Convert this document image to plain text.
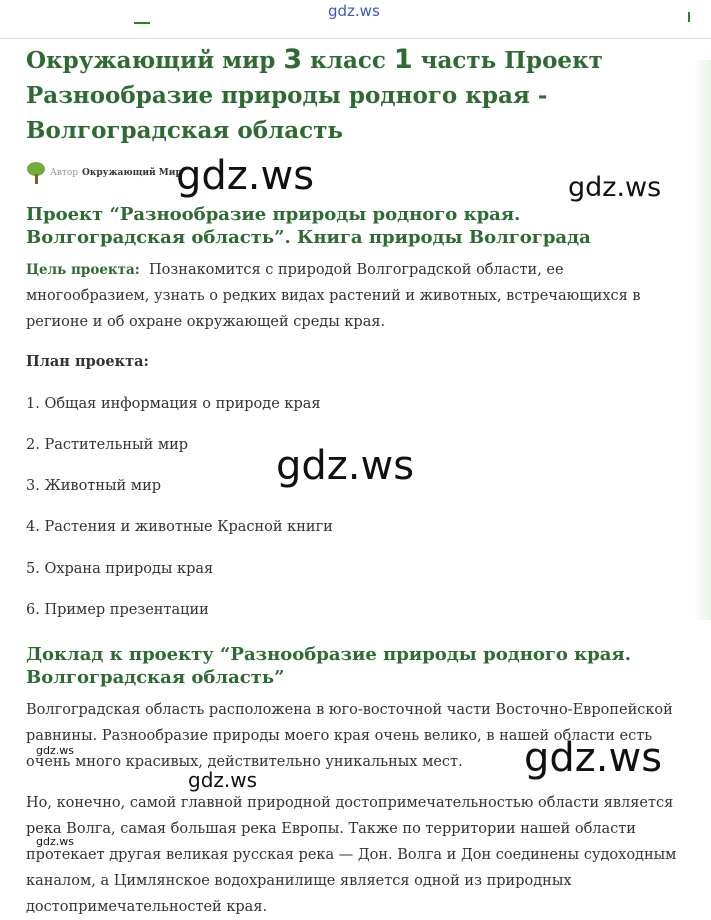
gdz.ws
Окружающий мир 3 класс 1 часть Проект Разнообразие природы родного края - Волгоградская область
Автор Окружающий Мир
Проект “Разнообразие природы родного края. Волгоградская область”. Книга природы Волгограда

Цель проекта: Познакомится с природой Волгоградской области, ее многообразием, узнать о редких видах растений и животных, встречающихся в регионе и об охране окружающей среды края.

План проекта:

1. Общая информация о природе края

2. Растительный мир

3. Животный мир

4. Растения и животные Красной книги

5. Охрана природы края

6. Пример презентации

Доклад к проекту “Разнообразие природы родного края. Волгоградская область”

Волгоградская область расположена в юго-восточной части Восточно-Европейской равнины. Разнообразие природы моего края очень велико, в нашей области есть очень много красивых, действительно уникальных мест.

Но, конечно, самой главной природной достопримечательностью области является река Волга, самая большая река Европы. Также по территории нашей области протекает другая великая русская река — Дон. Волга и Дон соединены судоходным каналом, а Цимлянское водохранилище является одной из природных достопримечательностей края.

gdz.ws	gdz.ws
gdz.ws
gdz.ws
gdz.ws
gdz.ws
gdz.ws
